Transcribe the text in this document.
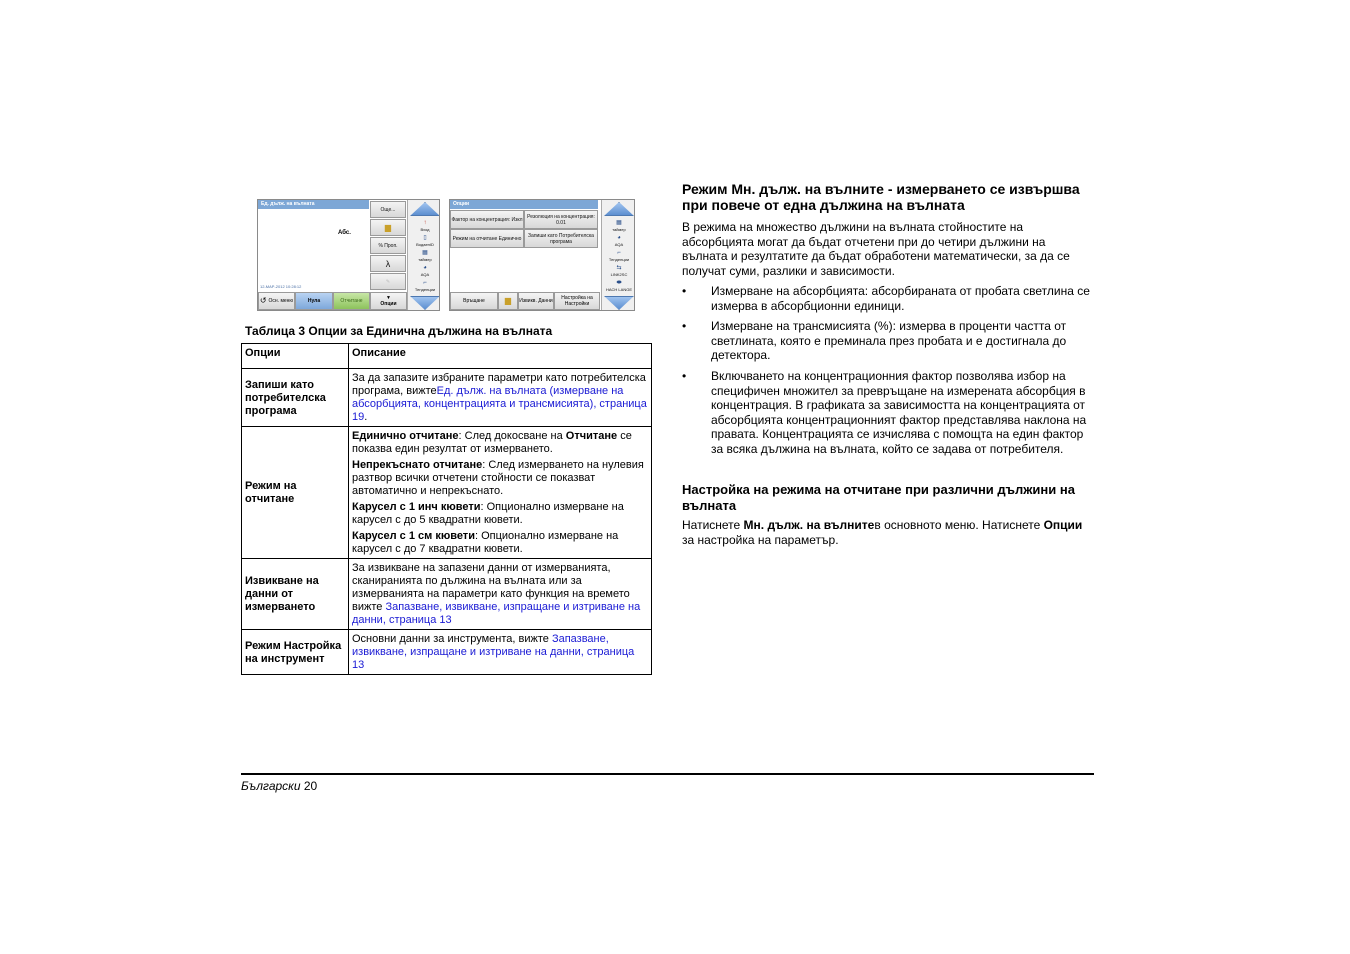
Ед. дълж. на вълната
Абс.
12-МАР-2012 10:28:12
Още...
▆
% Проп.
λ
✎
↑
Вход
▯
ВодаенID
▦
таймер
◕
AQA
⌐
Тенденции
↺ Осн. меню	Нула	Отчитане	▼
Опции
Опции
Фактор на концентрация: Изкл Резолюция на концентрация: 0.01
Режим на отчитане Единично	Запиши като Потребителска програма
▦
таймер
◕
AQA
⌐
Тенденции
⇆
LINK2SC
⬬
HACH LANGE
Връщане	▆ Извикв. Данни	Настройка на Настройки
Таблица 3 Опции за Единична дължина на вълната
Опции	Описание
Запиши като потребителска програма	За да запазите избраните параметри като потребителска програма, вижтеЕд. дълж. на вълната (измерване на абсорбцията, концентрацията и трансмисията), страница 19.
Режим на отчитане	Единично отчитане: След докосване на Отчитане се показва един резултат от измерването.
Непрекъснато отчитане: След измерването на нулевия разтвор всички отчетени стойности се показват автоматично и непрекъснато.
Карусел с 1 инч кювети: Опционално измерване на карусел с до 5 квадратни кювети.
Карусел с 1 см кювети: Опционално измерване на карусел с до 7 квадратни кювети.

Извикване на данни от измерването	За извикване на запазени данни от измерванията, сканиранията по дължина на вълната или за измерванията на параметри като функция на времето вижте Запазване, извикване, изпращане и изтриване на данни, страница 13
Режим Настройка на инструмент	Основни данни за инструмента, вижте Запазване, извикване, изпращане и изтриване на данни, страница 13
Режим Мн. дълж. на вълните - измерването се извършва при повече от една дължина на вълната
В режима на множество дължини на вълната стойностите на абсорбцията могат да бъдат отчетени при до четири дължини на вълната и резултатите да бъдат обработени математически, за да се получат суми, разлики и зависимости.
• Измерване на абсорбцията: абсорбираната от пробата светлина се измерва в абсорбционни единици.
• Измерване на трансмисията (%): измерва в проценти частта от светлината, която е преминала през пробата и е достигнала до детектора.
• Включването на концентрационния фактор позволява избор на специфичен множител за превръщане на измерената абсорбция в концентрация. В графиката за зависимостта на концентрацията от абсорбцията концентрационният фактор представлява наклона на правата. Концентрацията се изчислява с помощта на един фактор за всяка дължина на вълната, който се задава от потребителя.
Настройка на режима на отчитане при различни дължини на вълната
Натиснете Мн. дълж. на вълнитев основното меню. Натиснете Опции за настройка на параметър.
Български 20
